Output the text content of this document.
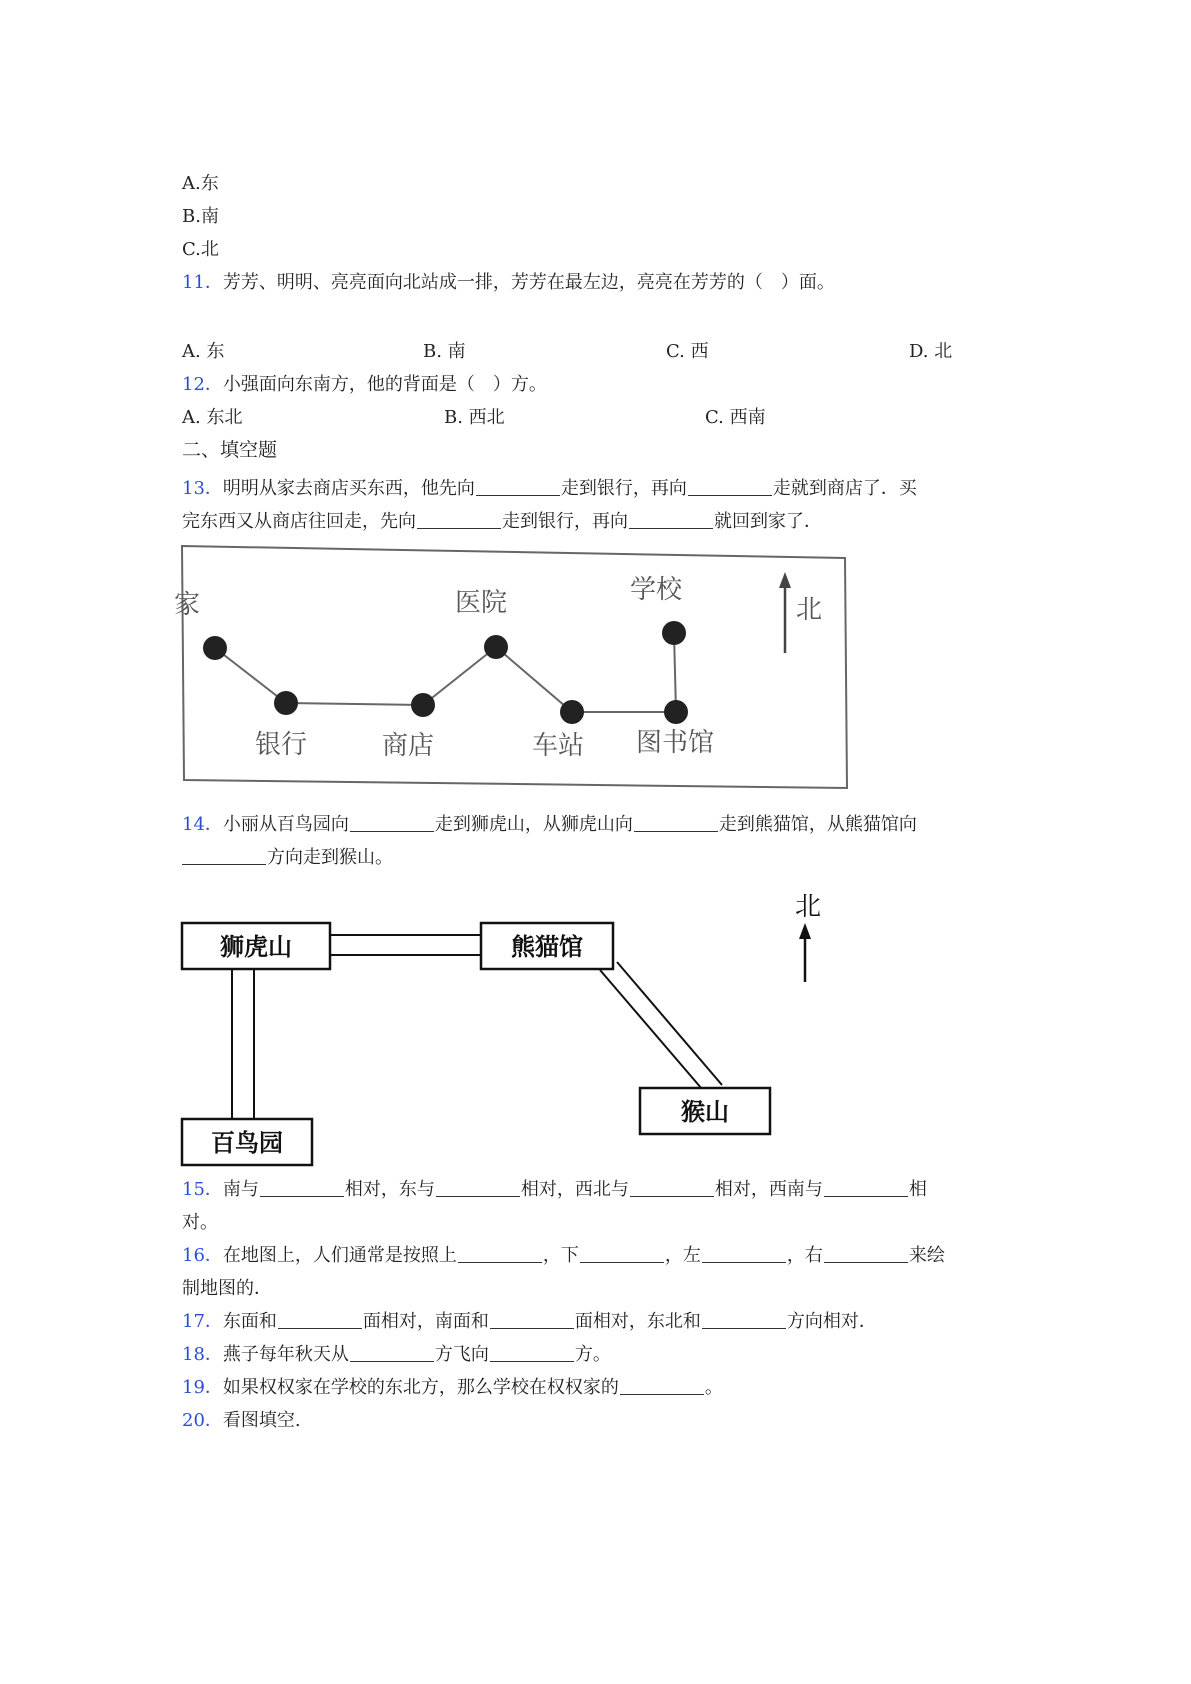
A.东
B.南
C.北
11．芳芳、明明、亮亮面向北站成一排，芳芳在最左边，亮亮在芳芳的（　）面。
A. 东	B. 南	C. 西	D. 北
12．小强面向东南方，他的背面是（　）方。
A. 东北	B. 西北	C. 西南
二、填空题
13．明明从家去商店买东西，他先向	走到银行，再向	走就到商店了．买
完东西又从商店往回走，先向	走到银行，再向	就回到家了．
家
银行	商店
医院
车站
学校
图书馆
北
14．小丽从百鸟园向	走到狮虎山，从狮虎山向	走到熊猫馆，从熊猫馆向
方向走到猴山。
北
狮虎山	熊猫馆
百鸟园
猴山
15．南与	相对，东与	相对，西北与	相对，西南与	相
对。
16．在地图上，人们通常是按照上	，下	，左	，右	来绘
制地图的．
17．东面和	面相对，南面和	面相对，东北和	方向相对．
18．燕子每年秋天从	方飞向	方。
19．如果权权家在学校的东北方，那么学校在权权家的	。
20．看图填空.
